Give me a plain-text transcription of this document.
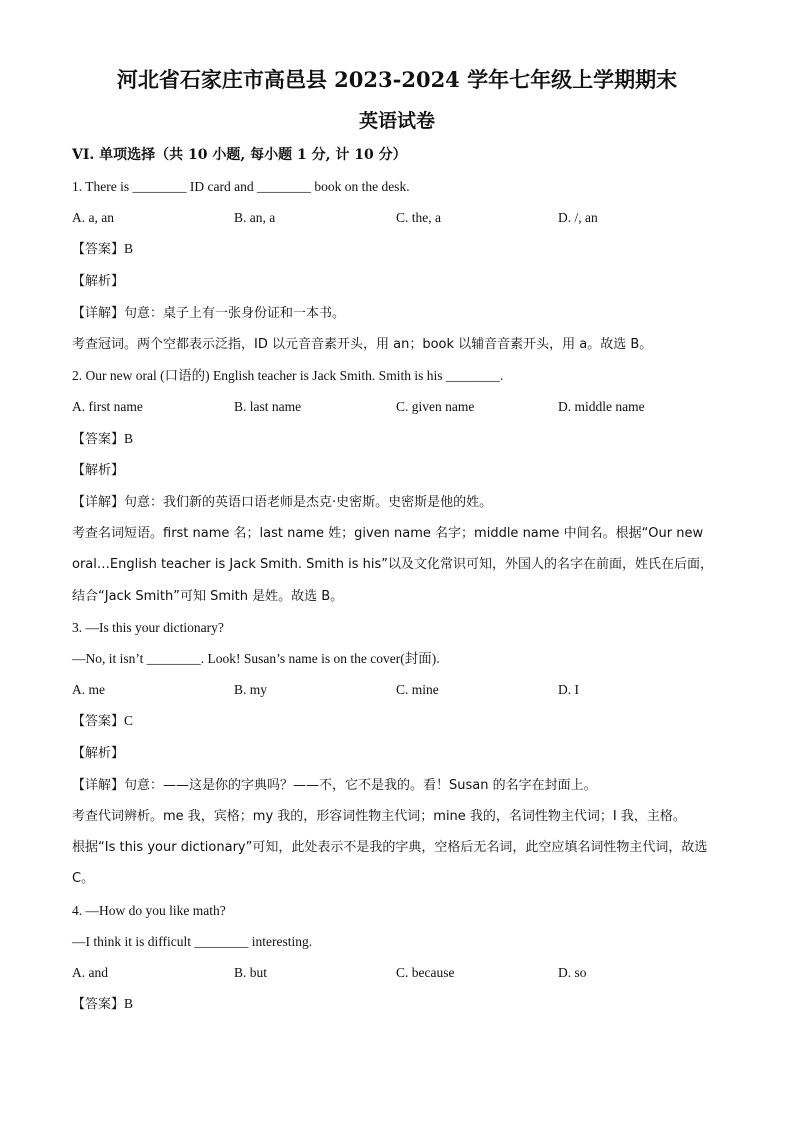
河北省石家庄市高邑县 2023-2024 学年七年级上学期期末
英语试卷
VI. 单项选择（共 10 小题, 每小题 1 分, 计 10 分）
1. There is ________ ID card and ________ book on the desk.
A. a, an	B. an, a	C. the, a	D. /, an
【答案】B
【解析】
【详解】句意：桌子上有一张身份证和一本书。
考查冠词。两个空都表示泛指，ID 以元音音素开头，用 an；book 以辅音音素开头，用 a。故选 B。
2. Our new oral (口语的) English teacher is Jack Smith. Smith is his ________.
A. first name	B. last name	C. given name	D. middle name
【答案】B
【解析】
【详解】句意：我们新的英语口语老师是杰克·史密斯。史密斯是他的姓。
考查名词短语。first name 名；last name 姓；given name 名字；middle name 中间名。根据“Our new oral…English teacher is Jack Smith. Smith is his”以及文化常识可知，外国人的名字在前面，姓氏在后面，结合“Jack Smith”可知 Smith 是姓。故选 B。
3. —Is this your dictionary?
—No, it isn’t ________. Look! Susan’s name is on the cover(封面).
A. me	B. my	C. mine	D. I
【答案】C
【解析】
【详解】句意：——这是你的字典吗？——不，它不是我的。看！Susan 的名字在封面上。
考查代词辨析。me 我，宾格；my 我的，形容词性物主代词；mine 我的，名词性物主代词；I 我，主格。
根据“Is this your dictionary”可知，此处表示不是我的字典，空格后无名词，此空应填名词性物主代词，故选 C。
4. —How do you like math?
—I think it is difficult ________ interesting.
A. and	B. but	C. because	D. so
【答案】B
